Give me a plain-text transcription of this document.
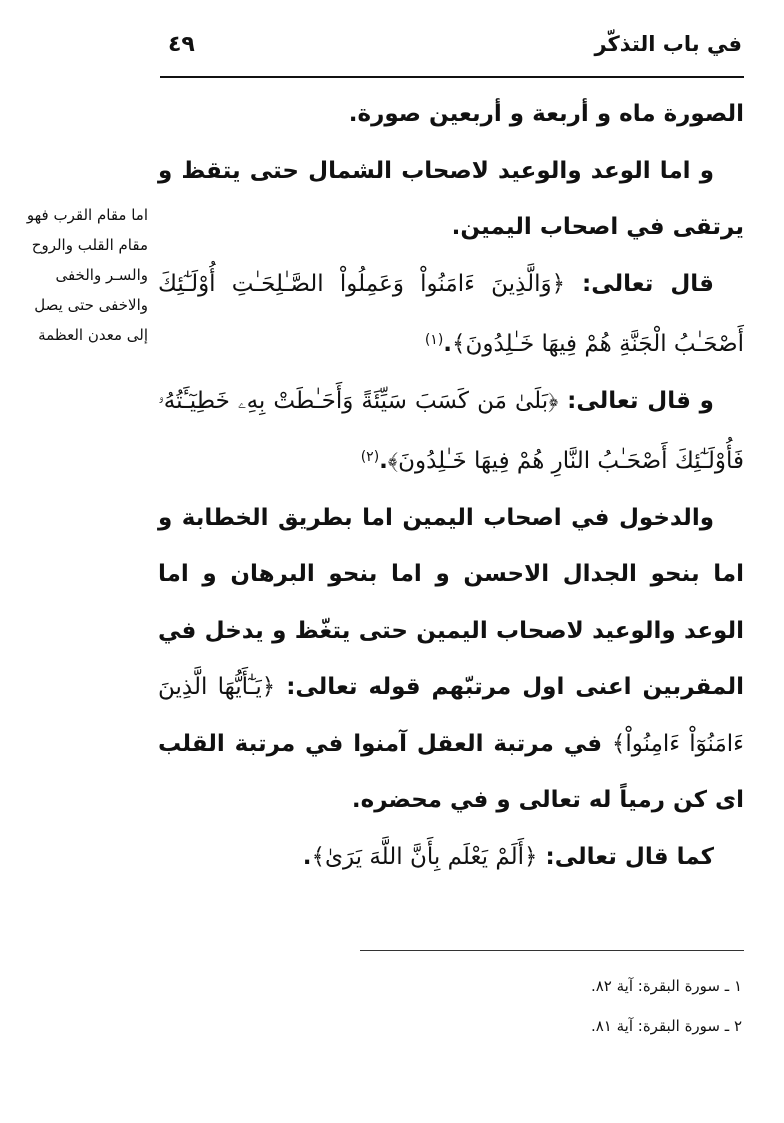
في باب التذكّر
٤٩
اما مقام القرب فهو مقام القلب والروح والسـر والخفى والاخفى حتى يصل إلى معدن العظمة

الصورة ماه و أربعة و أربعين صورة.

و اما الوعد والوعيد لاصحاب الشمال حتى يتقظ و يرتقى في اصحاب اليمين.

قال تعالى: ﴿وَالَّذِينَ ءَامَنُواْ وَعَمِلُواْ الصَّـٰلِحَـٰتِ أُوْلَـٰٓئِكَ أَصْحَـٰبُ الْجَنَّةِ هُمْ فِيهَا خَـٰلِدُونَ﴾.$^{(١)}$

و قال تعالى: ﴿بَلَىٰ مَن كَسَبَ سَيِّئَةً وَأَحَـٰطَتْ بِهِۦ خَطِيٓـَٔتُهُۥ فَأُوْلَـٰٓئِكَ أَصْحَـٰبُ النَّارِ هُمْ فِيهَا خَـٰلِدُونَ﴾.$^{(٢)}$

والدخول في اصحاب اليمين اما بطريق الخطابة و اما بنحو الجدال الاحسن و اما بنحو البرهان و اما الوعد والوعيد لاصحاب اليمين حتى يتغّظ و يدخل في المقربين اعنى اول مرتبّهم قوله تعالى: ﴿يَـٰٓأَيُّهَا الَّذِينَ ءَامَنُوٓاْ ءَامِنُواْ﴾ في مرتبة العقل آمنوا في مرتبة القلب اى كن رمياً له تعالى و في محضره.

كما قال تعالى: ﴿أَلَمْ يَعْلَم بِأَنَّ اللَّهَ يَرَىٰ﴾.

١ ـ سورة البقرة: آية ٨٢.
٢ ـ سورة البقرة: آية ٨١.
